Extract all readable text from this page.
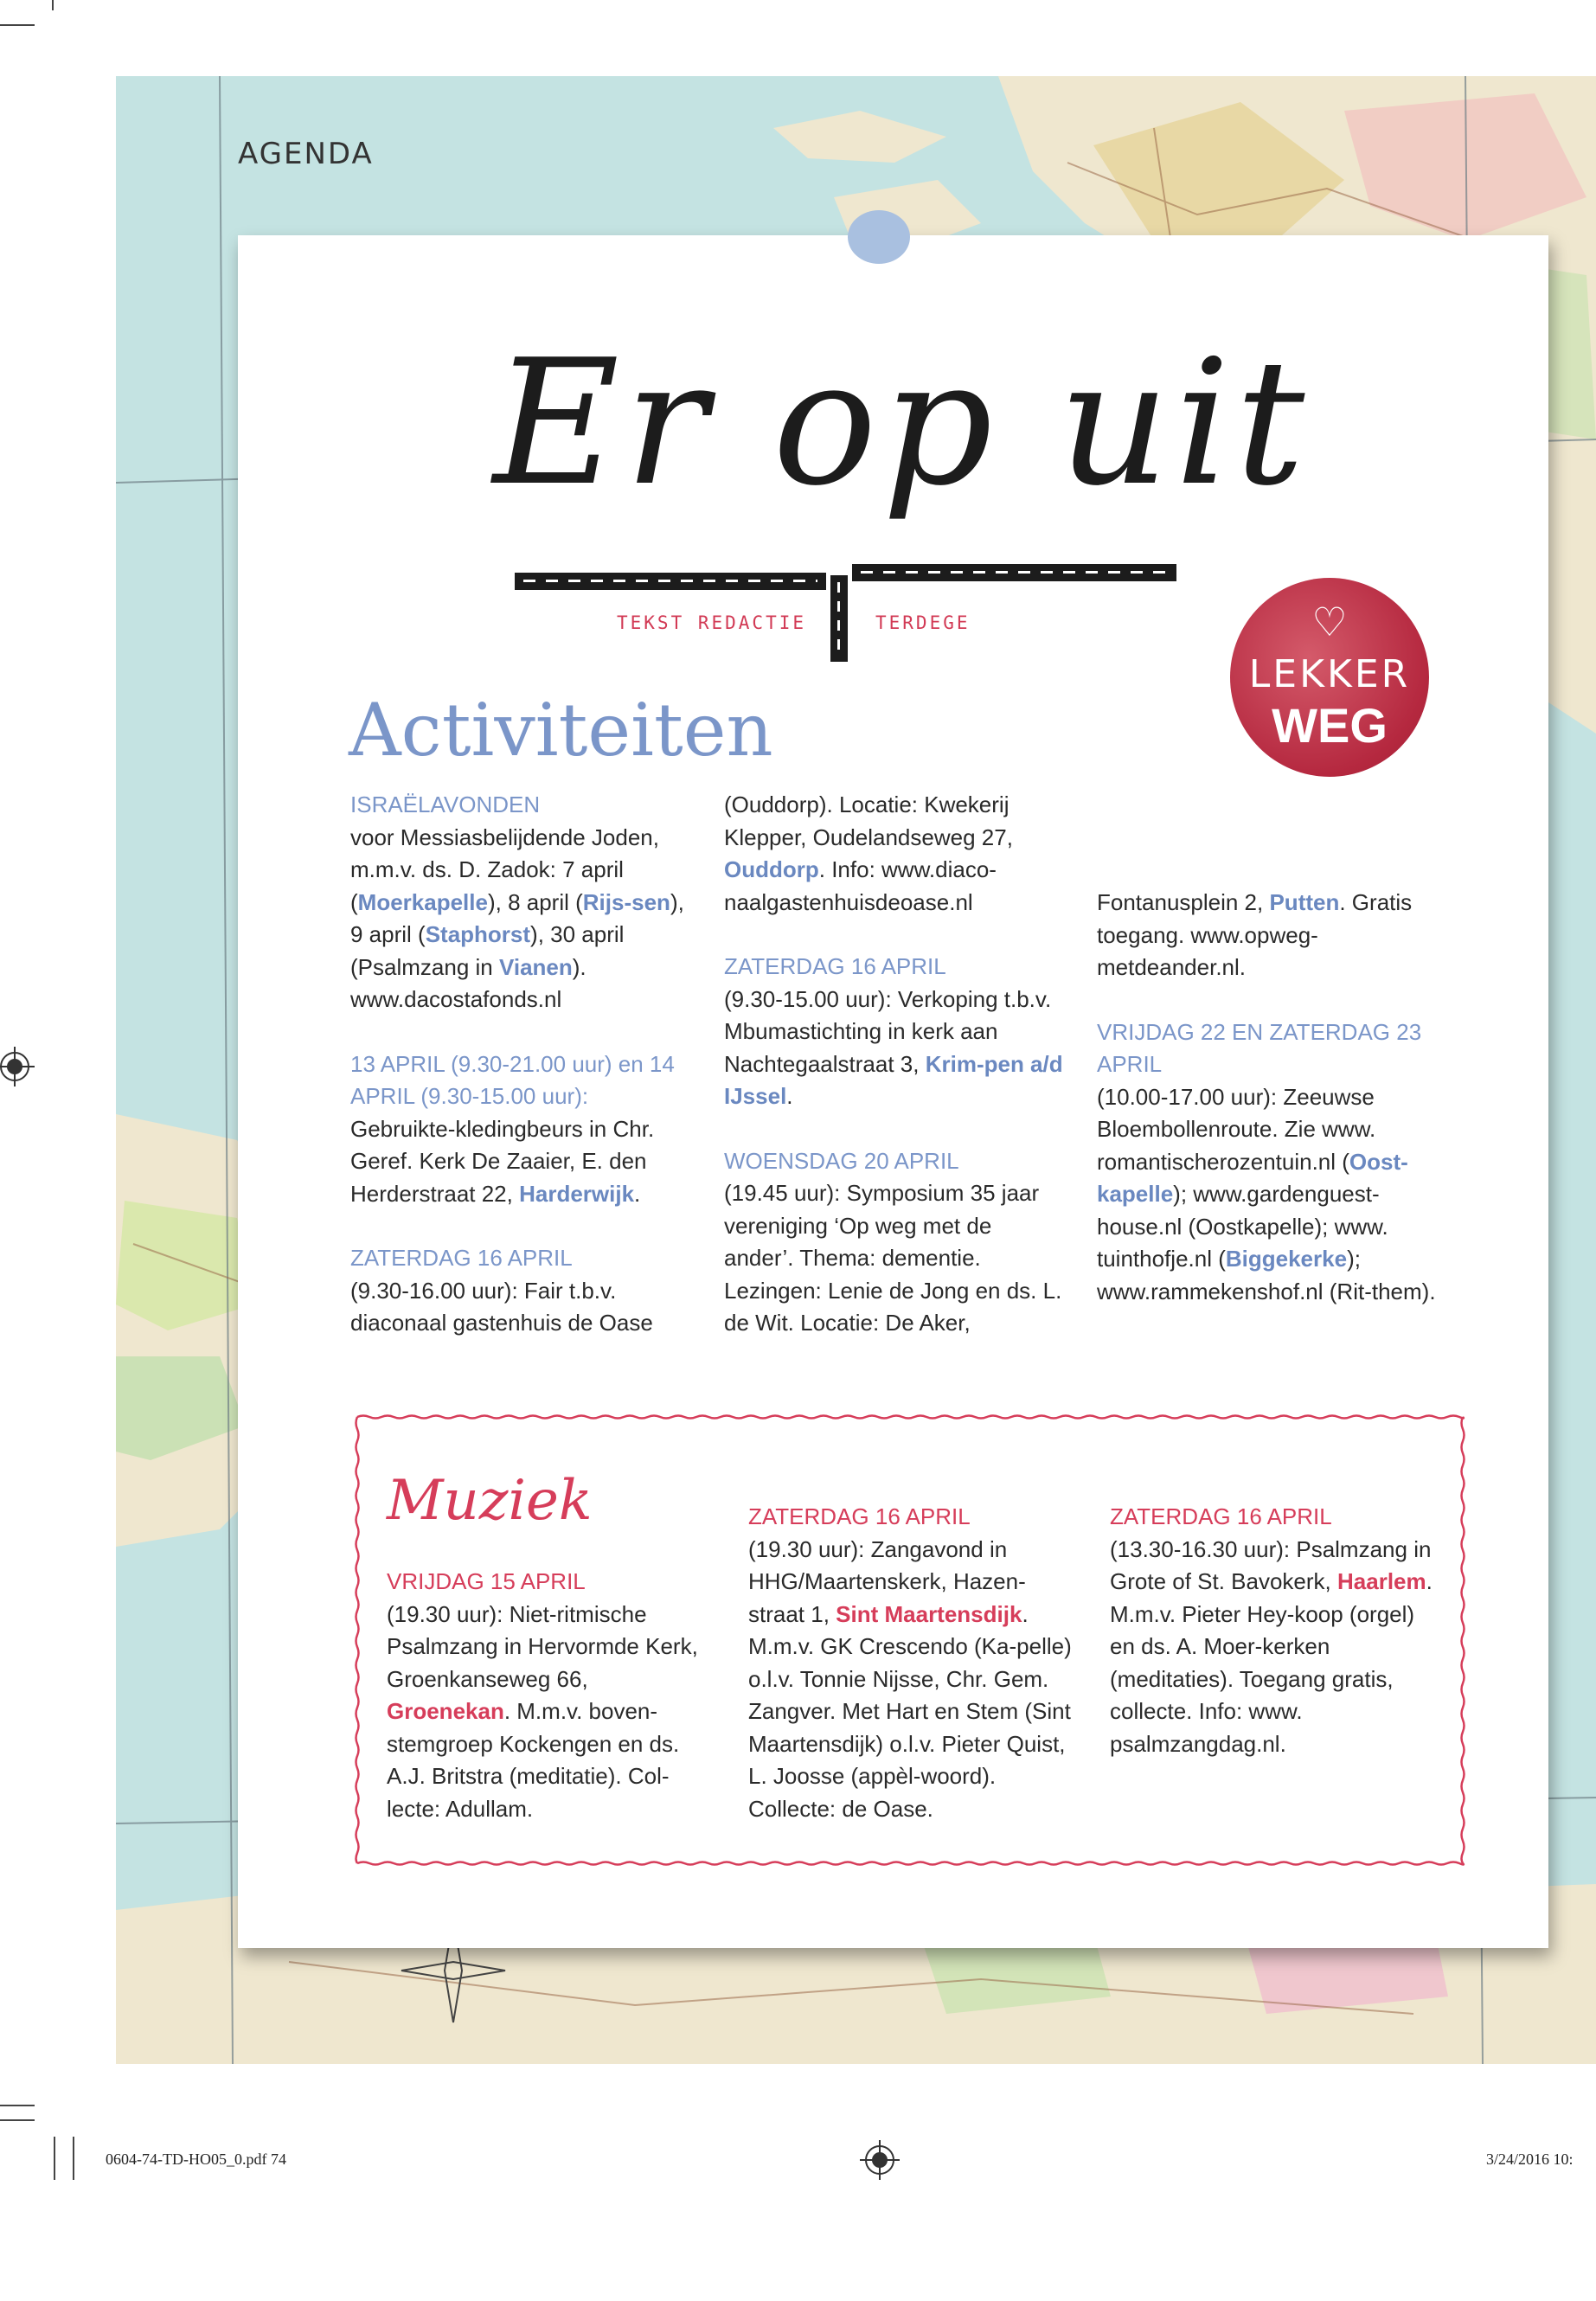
AGENDA
Er op uit
TEKST REDACTIE	TERDEGE	♡
LEKKER
WEG
Activiteiten

ISRAËLAVONDEN
voor Messiasbelijdende Joden, m.m.v. ds. D. Zadok: 7 april (Moerkapelle), 8 april (Rijs-sen), 9 april (Staphorst), 30 april (Psalmzang in Vianen). www.dacostafonds.nl

13 APRIL (9.30-21.00 uur) en 14 APRIL (9.30-15.00 uur):
Gebruikte-kledingbeurs in Chr. Geref. Kerk De Zaaier, E. den Herderstraat 22, Harderwijk.

ZATERDAG 16 APRIL
(9.30-16.00 uur): Fair t.b.v. diaconaal gastenhuis de Oase

(Ouddorp). Locatie: Kwekerij Klepper, Oudelandseweg 27, Ouddorp. Info: www.diaco-naalgastenhuisdeoase.nl

ZATERDAG 16 APRIL
(9.30-15.00 uur): Verkoping t.b.v. Mbumastichting in kerk aan Nachtegaalstraat 3, Krim-pen a/d IJssel.

WOENSDAG 20 APRIL
(19.45 uur): Symposium 35 jaar vereniging ‘Op weg met de ander’. Thema: dementie. Lezingen: Lenie de Jong en ds. L. de Wit. Locatie: De Aker,

Fontanusplein 2, Putten. Gratis toegang. www.opweg-metdeander.nl.

VRIJDAG 22 EN ZATERDAG 23 APRIL
(10.00-17.00 uur): Zeeuwse Bloembollenroute. Zie www. romantischerozentuin.nl (Oost-kapelle); www.gardenguest-house.nl (Oostkapelle); www. tuinthofje.nl (Biggekerke); www.rammekenshof.nl (Rit-them).

Muziek

VRIJDAG 15 APRIL
(19.30 uur): Niet-ritmische Psalmzang in Hervormde Kerk, Groenkanseweg 66, Groenekan. M.m.v. boven-stemgroep Kockengen en ds. A.J. Britstra (meditatie). Col-lecte: Adullam.

ZATERDAG 16 APRIL
(19.30 uur): Zangavond in HHG/Maartenskerk, Hazen-straat 1, Sint Maartensdijk. M.m.v. GK Crescendo (Ka-pelle) o.l.v. Tonnie Nijsse, Chr. Gem. Zangver. Met Hart en Stem (Sint Maartensdijk) o.l.v. Pieter Quist, L. Joosse (appèl-woord). Collecte: de Oase.

ZATERDAG 16 APRIL
(13.30-16.30 uur): Psalmzang in Grote of St. Bavokerk, Haarlem. M.m.v. Pieter Hey-koop (orgel) en ds. A. Moer-kerken (meditaties). Toegang gratis, collecte. Info: www. psalmzangdag.nl.

0604-74-TD-HO05_0.pdf 74	3/24/2016 10:
